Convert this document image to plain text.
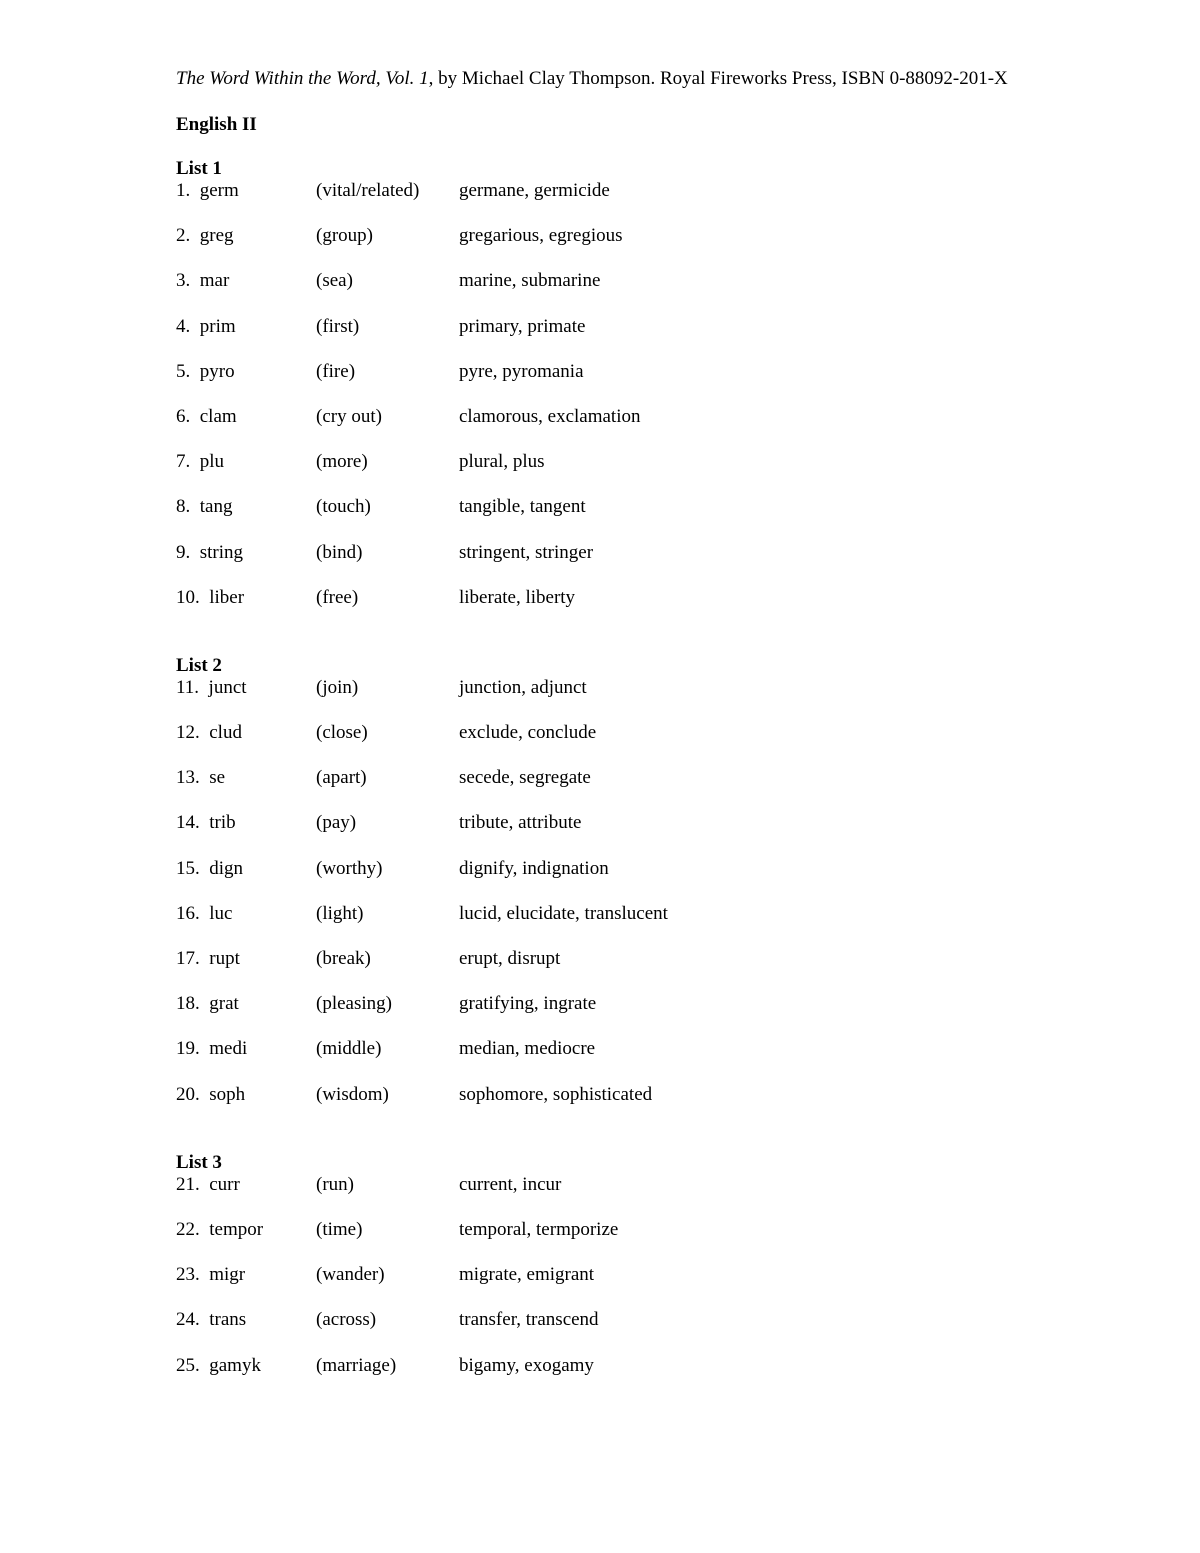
The Word Within the Word, Vol. 1, by Michael Clay Thompson. Royal Fireworks Press, ISBN 0-88092-201-X

English II
List 1
1. germ	(vital/related)	germane, germicide
2. greg	(group)	gregarious, egregious
3. mar	(sea)	marine, submarine
4. prim	(first)	primary, primate
5. pyro	(fire)	pyre, pyromania
6. clam	(cry out)	clamorous, exclamation
7. plu	(more)	plural, plus
8. tang	(touch)	tangible, tangent
9. string	(bind)	stringent, stringer
10. liber	(free)	liberate, liberty
List 2
11. junct	(join)	junction, adjunct
12. clud	(close)	exclude, conclude
13. se	(apart)	secede, segregate
14. trib	(pay)	tribute, attribute
15. dign	(worthy)	dignify, indignation
16. luc	(light)	lucid, elucidate, translucent
17. rupt	(break)	erupt, disrupt
18. grat	(pleasing)	gratifying, ingrate
19. medi	(middle)	median, mediocre
20. soph	(wisdom)	sophomore, sophisticated
List 3
21. curr	(run)	current, incur
22. tempor	(time)	temporal, termporize
23. migr	(wander)	migrate, emigrant
24. trans	(across)	transfer, transcend
25. gamyk	(marriage)	bigamy, exogamy
